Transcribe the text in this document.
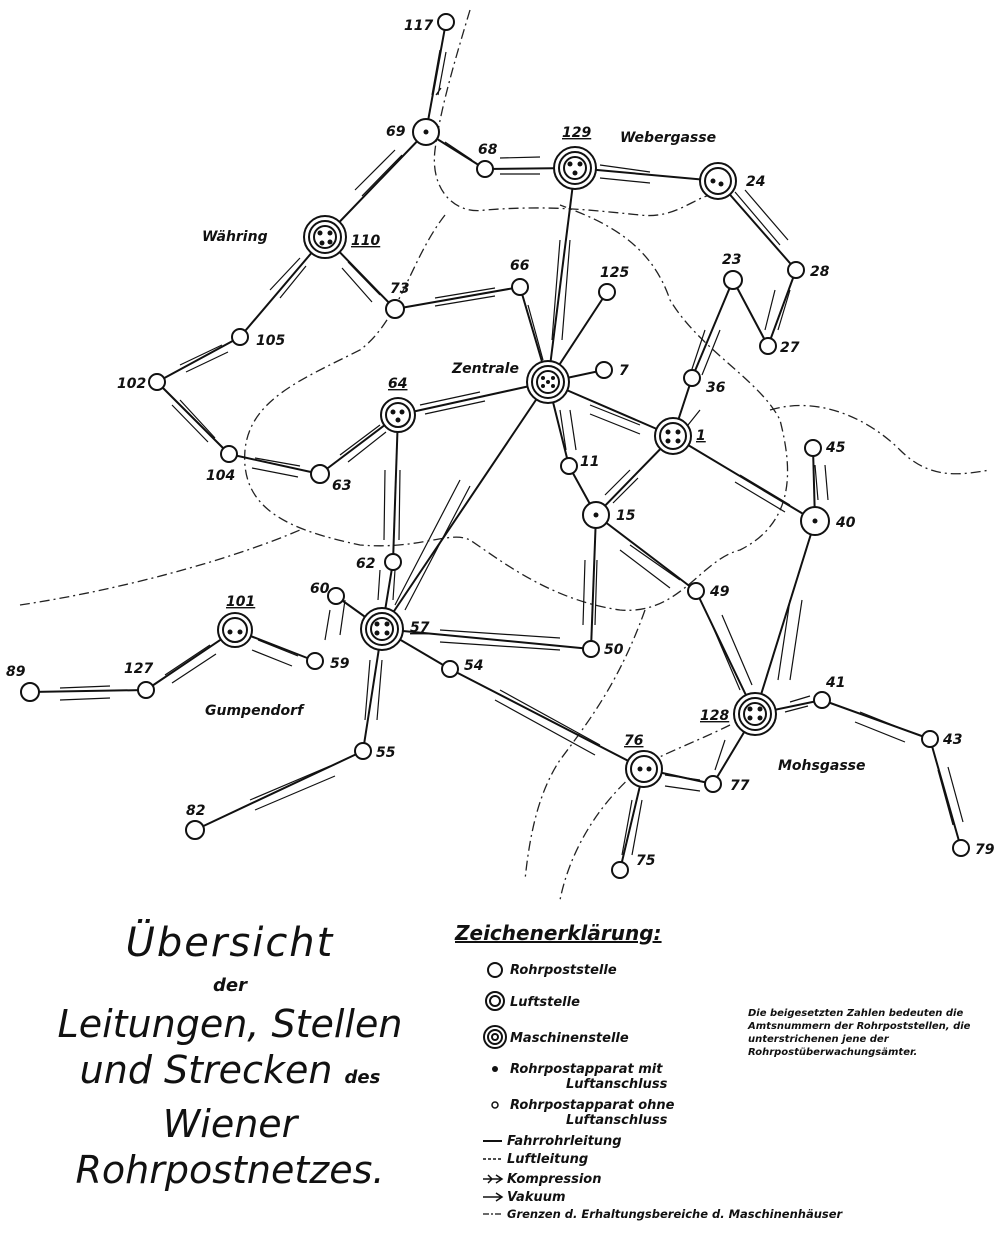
117
69
68
129
24
28
27
23
110
73
66	125
7
105
102
104
63
64	36
1
45
40
11
15
49
62
60
57
50
101
59	54
89	127
55
82
128
41
43
79
76
77
75
Währing
Webergasse
Zentrale
Gumpendorf
Mohsgasse
Übersicht
der
Leitungen, Stellen
und Strecken des
Wiener Rohrpostnetzes.
Zeichenerklärung:
Rohrpoststelle
Luftstelle
Maschinenstelle
Rohrpostapparat mit
Luftanschluss
Rohrpostapparat ohne
Luftanschluss
Fahrrohrleitung
Luftleitung
Kompression
Vakuum
Grenzen d. Erhaltungsbereiche d. Maschinenhäuser
Die beigesetzten Zahlen bedeuten die Amtsnummern der Rohrpoststellen, die unterstrichenen jene der Rohrpostüberwachungsämter.
